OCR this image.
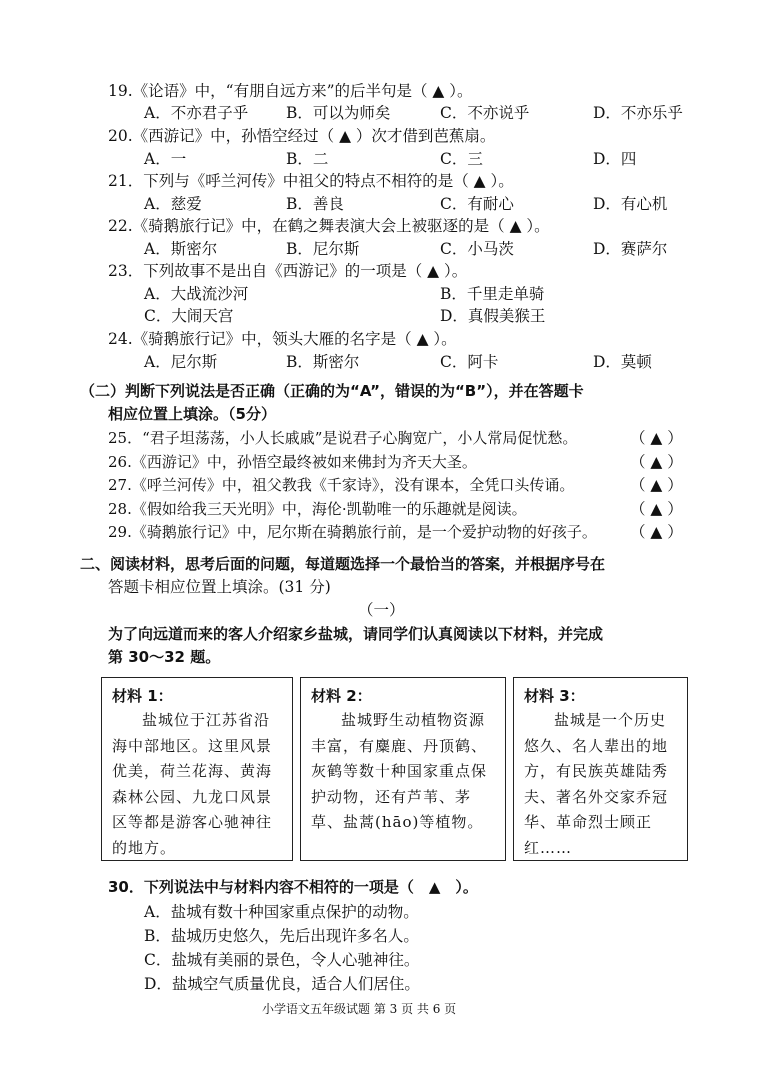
19.《论语》中，“有朋自远方来”的后半句是（ ▲ ）。
A．不亦君子乎 B．可以为师矣	C．不亦说乎	D．不亦乐乎
20.《西游记》中，孙悟空经过（ ▲ ）次才借到芭蕉扇。
A．一	B．二	C．三	D．四
21．下列与《呼兰河传》中祖父的特点不相符的是（ ▲ ）。
A．慈爱	B．善良	C．有耐心	D．有心机
22.《骑鹅旅行记》中，在鹤之舞表演大会上被驱逐的是（ ▲ ）。
A．斯密尔	B．尼尔斯	C．小马茨	D．赛萨尔
23．下列故事不是出自《西游记》的一项是（ ▲ ）。
A．大战流沙河	B．千里走单骑
C．大闹天宫	D．真假美猴王
24.《骑鹅旅行记》中，领头大雁的名字是（ ▲ ）。
A．尼尔斯	B．斯密尔	C．阿卡	D．莫顿
（二）判断下列说法是否正确（正确的为“A”，错误的为“B”），并在答题卡
相应位置上填涂。（5分）
25．“君子坦荡荡，小人长戚戚”是说君子心胸宽广，小人常局促忧愁。	（ ▲ ）
26.《西游记》中，孙悟空最终被如来佛封为齐天大圣。	（ ▲ ）
27.《呼兰河传》中，祖父教我《千家诗》，没有课本，全凭口头传诵。	（ ▲ ）
28.《假如给我三天光明》中，海伦·凯勒唯一的乐趣就是阅读。	（ ▲ ）
29.《骑鹅旅行记》中，尼尔斯在骑鹅旅行前，是一个爱护动物的好孩子。 （ ▲ ）
二、阅读材料，思考后面的问题，每道题选择一个最恰当的答案，并根据序号在
答题卡相应位置上填涂。(31 分)
（一）
为了向远道而来的客人介绍家乡盐城，请同学们认真阅读以下材料，并完成
第 30～32 题。
材料 1：
盐城位于江苏省沿海中部地区。这里风景优美，荷兰花海、黄海森林公园、九龙口风景区等都是游客心驰神往的地方。
材料 2：
盐城野生动植物资源丰富，有麋鹿、丹顶鹤、灰鹤等数十种国家重点保护动物，还有芦苇、茅草、盐蒿(hāo)等植物。
材料 3：
盐城是一个历史悠久、名人辈出的地方，有民族英雄陆秀夫、著名外交家乔冠华、革命烈士顾正红……
30．下列说法中与材料内容不相符的一项是（　▲　）。
A．盐城有数十种国家重点保护的动物。
B．盐城历史悠久，先后出现许多名人。
C．盐城有美丽的景色，令人心驰神往。
D．盐城空气质量优良，适合人们居住。
小学语文五年级试题 第 3 页 共 6 页
